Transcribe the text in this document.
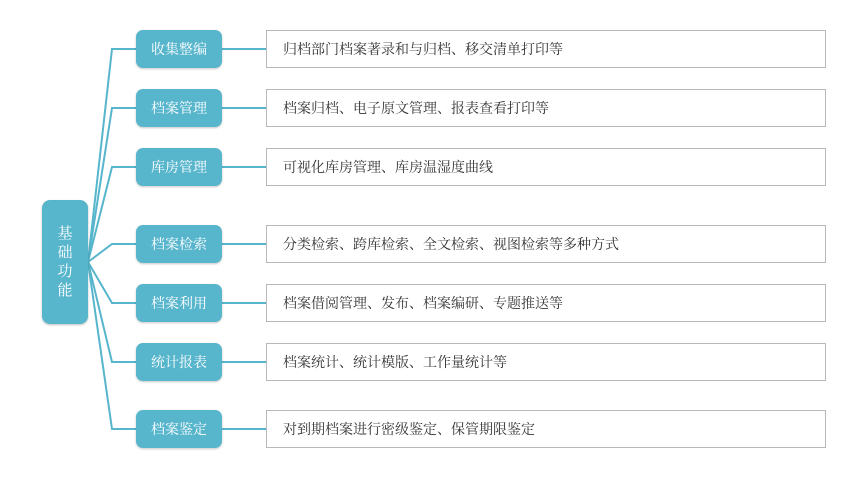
基础功能
收集整编	归档部门档案著录和与归档、移交清单打印等
档案管理	档案归档、电子原文管理、报表查看打印等
库房管理	可视化库房管理、库房温湿度曲线
档案检索	分类检索、跨库检索、全文检索、视图检索等多种方式
档案利用	档案借阅管理、发布、档案编研、专题推送等
统计报表	档案统计、统计模版、工作量统计等
档案鉴定	对到期档案进行密级鉴定、保管期限鉴定
